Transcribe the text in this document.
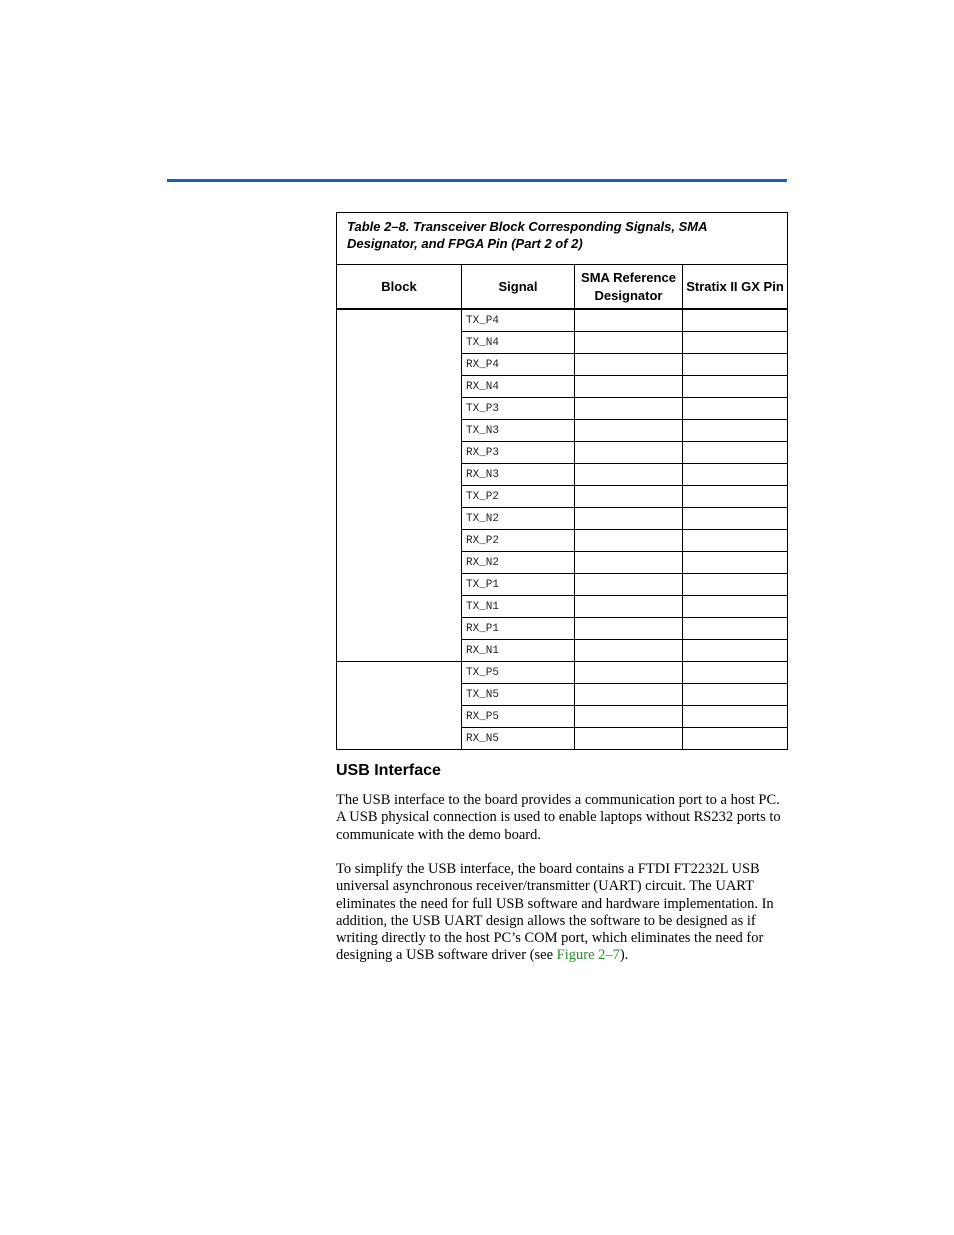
Table 2–8. Transceiver Block Corresponding Signals, SMA Designator, and FPGA Pin (Part 2 of 2)			
Block	Signal	SMA Reference Designator	Stratix II GX Pin
	TX_P4		
	TX_N4		
	RX_P4		
	RX_N4		
	TX_P3		
	TX_N3		
	RX_P3		
	RX_N3		
	TX_P2		
	TX_N2		
	RX_P2		
	RX_N2		
	TX_P1		
	TX_N1		
	RX_P1		
	RX_N1		
	TX_P5		
	TX_N5		
	RX_P5		
	RX_N5		
USB Interface

The USB interface to the board provides a communication port to a host PC. A USB physical connection is used to enable laptops without RS232 ports to communicate with the demo board.

To simplify the USB interface, the board contains a FTDI FT2232L USB universal asynchronous receiver/transmitter (UART) circuit. The UART eliminates the need for full USB software and hardware implementation. In addition, the USB UART design allows the software to be designed as if writing directly to the host PC’s COM port, which eliminates the need for designing a USB software driver (see Figure 2–7).
